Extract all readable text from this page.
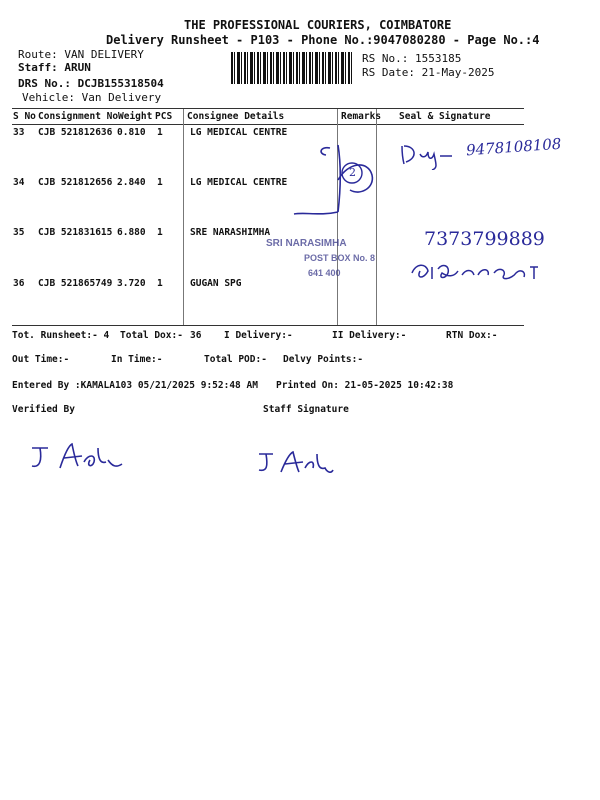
THE PROFESSIONAL COURIERS, COIMBATORE
Delivery Runsheet - P103 - Phone No.:9047080280 - Page No.:4
Route: VAN DELIVERY
Staff: ARUN
DRS No.: DCJB155318504
Vehicle: Van Delivery
RS No.: 1553185
RS Date: 21-May-2025
S No Consignment No Weight PCS Consignee Details	Remarks Seal & Signature
33 CJB 521812636 0.810 1	LG MEDICAL CENTRE
34 CJB 521812656 2.840 1	LG MEDICAL CENTRE
35 CJB 521831615 6.880 1	SRE NARASHIMHA
36 CJB 521865749 3.720 1	GUGAN SPG
2
9478108108
SRI NARASIMHA
POST BOX No. 8
641 400
7373799889
Tot. Runsheet:- 4 Total Dox:- 36 I Delivery:-	II Delivery:-	RTN Dox:-
Out Time:-	In Time:-	Total POD:- Delvy Points:-
Entered By :KAMALA103 05/21/2025 9:52:48 AM Printed On: 21-05-2025 10:42:38
Verified By	Staff Signature
